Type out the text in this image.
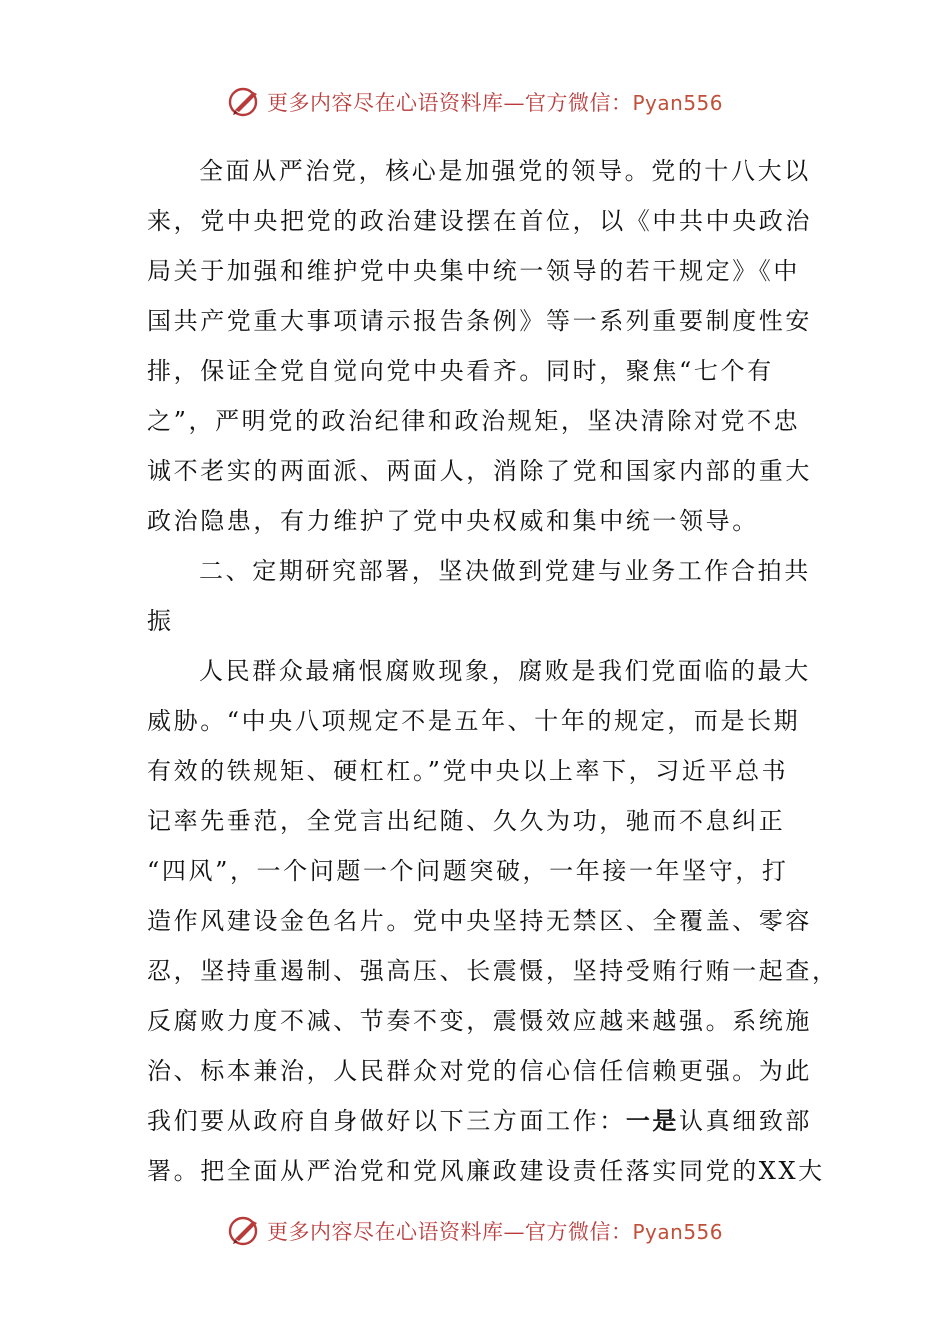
更多内容尽在心语资料库—官方微信：Pyan556
全面从严治党，核心是加强党的领导。党的十八大以
来，党中央把党的政治建设摆在首位，以《中共中央政治
局关于加强和维护党中央集中统一领导的若干规定》《中
国共产党重大事项请示报告条例》等一系列重要制度性安
排，保证全党自觉向党中央看齐。同时，聚焦“七个有
之”，严明党的政治纪律和政治规矩，坚决清除对党不忠
诚不老实的两面派、两面人，消除了党和国家内部的重大
政治隐患，有力维护了党中央权威和集中统一领导。
二、定期研究部署，坚决做到党建与业务工作合拍共
振
人民群众最痛恨腐败现象，腐败是我们党面临的最大
威胁。“中央八项规定不是五年、十年的规定，而是长期
有效的铁规矩、硬杠杠。”党中央以上率下，习近平总书
记率先垂范，全党言出纪随、久久为功，驰而不息纠正
“四风”，一个问题一个问题突破，一年接一年坚守，打
造作风建设金色名片。党中央坚持无禁区、全覆盖、零容
忍，坚持重遏制、强高压、长震慑，坚持受贿行贿一起查，
反腐败力度不减、节奏不变，震慑效应越来越强。系统施
治、标本兼治，人民群众对党的信心信任信赖更强。为此
我们要从政府自身做好以下三方面工作：一是认真细致部
署。把全面从严治党和党风廉政建设责任落实同党的XX大
更多内容尽在心语资料库—官方微信：Pyan556
